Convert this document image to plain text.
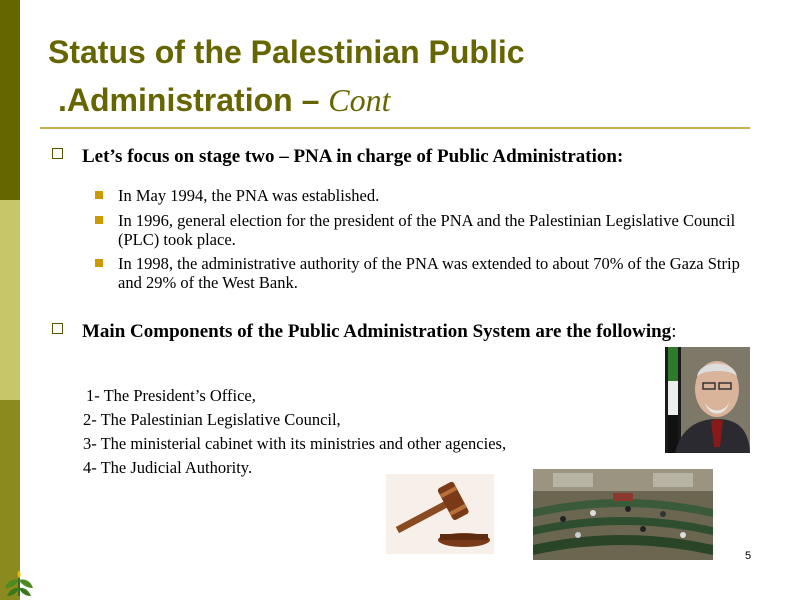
Status of the Palestinian Public
.Administration – Cont
Let’s focus on stage two – PNA in charge of Public Administration:
In May 1994, the PNA was established.
In 1996, general election for the president of the PNA and the Palestinian Legislative Council (PLC) took place.
In 1998, the administrative authority of the PNA was extended to about 70% of the Gaza Strip and 29% of the West Bank.
Main Components of the Public Administration System are the following:
1- The President’s Office,
2- The Palestinian Legislative Council,
3- The ministerial cabinet with its ministries and other agencies,
4- The Judicial Authority.
5
